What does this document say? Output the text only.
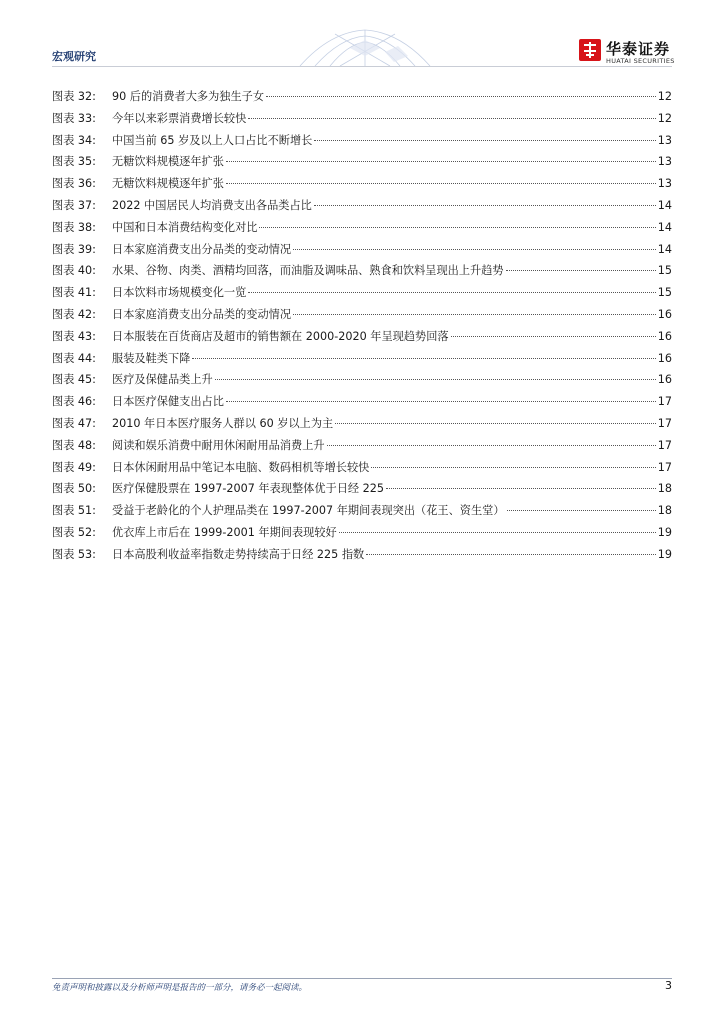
宏观研究	华泰证券
HUATAI SECURITIES
图表 32: 90 后的消费者大多为独生子女	12
图表 33: 今年以来彩票消费增长较快	12
图表 34: 中国当前 65 岁及以上人口占比不断增长	13
图表 35: 无糖饮料规模逐年扩张	13
图表 36: 无糖饮料规模逐年扩张	13
图表 37: 2022 中国居民人均消费支出各品类占比	14
图表 38: 中国和日本消费结构变化对比	14
图表 39: 日本家庭消费支出分品类的变动情况	14
图表 40: 水果、谷物、肉类、酒精均回落，而油脂及调味品、熟食和饮料呈现出上升趋势	15
图表 41: 日本饮料市场规模变化一览	15
图表 42: 日本家庭消费支出分品类的变动情况	16
图表 43: 日本服装在百货商店及超市的销售额在 2000-2020 年呈现趋势回落	16
图表 44: 服装及鞋类下降	16
图表 45: 医疗及保健品类上升	16
图表 46: 日本医疗保健支出占比	17
图表 47: 2010 年日本医疗服务人群以 60 岁以上为主	17
图表 48: 阅读和娱乐消费中耐用休闲耐用品消费上升	17
图表 49: 日本休闲耐用品中笔记本电脑、数码相机等增长较快	17
图表 50: 医疗保健股票在 1997-2007 年表现整体优于日经 225	18
图表 51: 受益于老龄化的个人护理品类在 1997-2007 年期间表现突出（花王、资生堂）	18
图表 52: 优衣库上市后在 1999-2001 年期间表现较好	19
图表 53: 日本高股利收益率指数走势持续高于日经 225 指数	19
免责声明和披露以及分析师声明是报告的一部分，请务必一起阅读。	3
